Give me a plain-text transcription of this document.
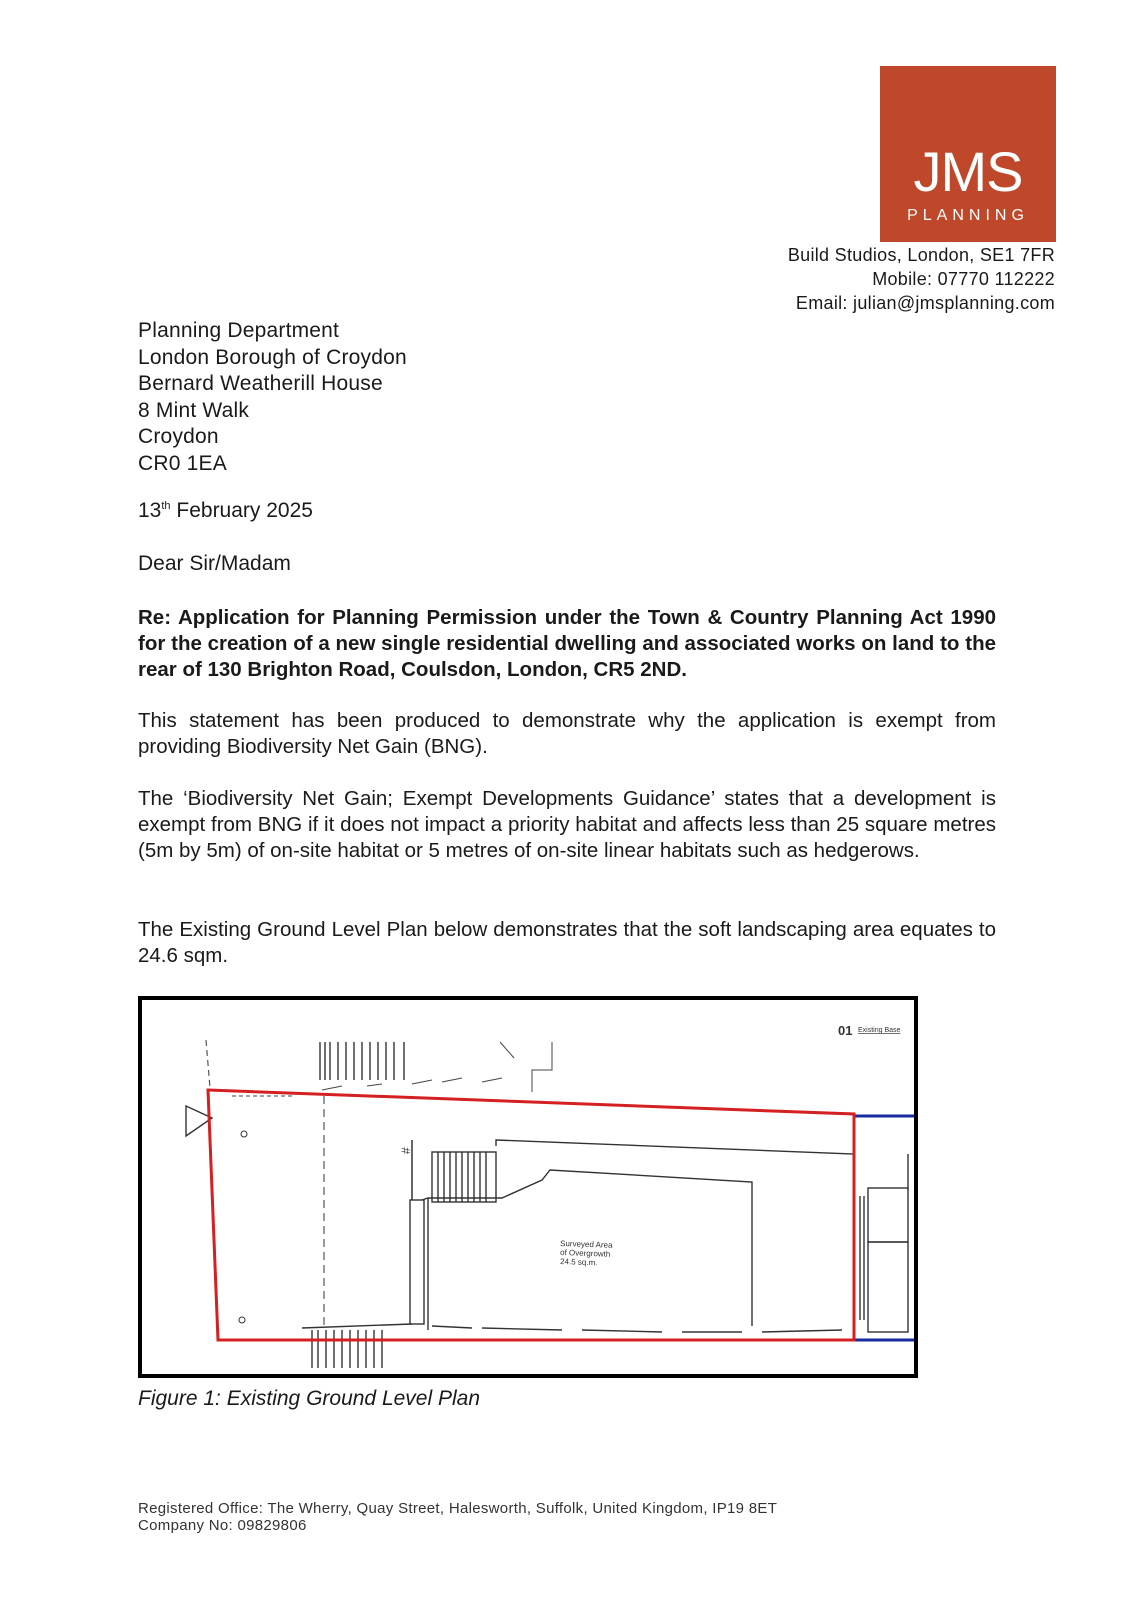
JMS
PLANNING
Build Studios, London, SE1 7FR
Mobile: 07770 112222
Email: julian@jmsplanning.com
Planning Department
London Borough of Croydon
Bernard Weatherill House
8 Mint Walk
Croydon
CR0 1EA
13th February 2025
Dear Sir/Madam
Re: Application for Planning Permission under the Town & Country Planning Act 1990 for the creation of a new single residential dwelling and associated works on land to the rear of 130 Brighton Road, Coulsdon, London, CR5 2ND.
This statement has been produced to demonstrate why the application is exempt from providing Biodiversity Net Gain (BNG).
The ‘Biodiversity Net Gain; Exempt Developments Guidance’ states that a development is exempt from BNG if it does not impact a priority habitat and affects less than 25 square metres (5m by 5m) of on-site habitat or 5 metres of on-site linear habitats such as hedgerows.
The Existing Ground Level Plan below demonstrates that the soft landscaping area equates to 24.6 sqm.
01 Existing Base
#
Surveyed Area
of Overgrowth
24.5 sq.m.
Figure 1: Existing Ground Level Plan
Registered Office: The Wherry, Quay Street, Halesworth, Suffolk, United Kingdom, IP19 8ET
Company No: 09829806
